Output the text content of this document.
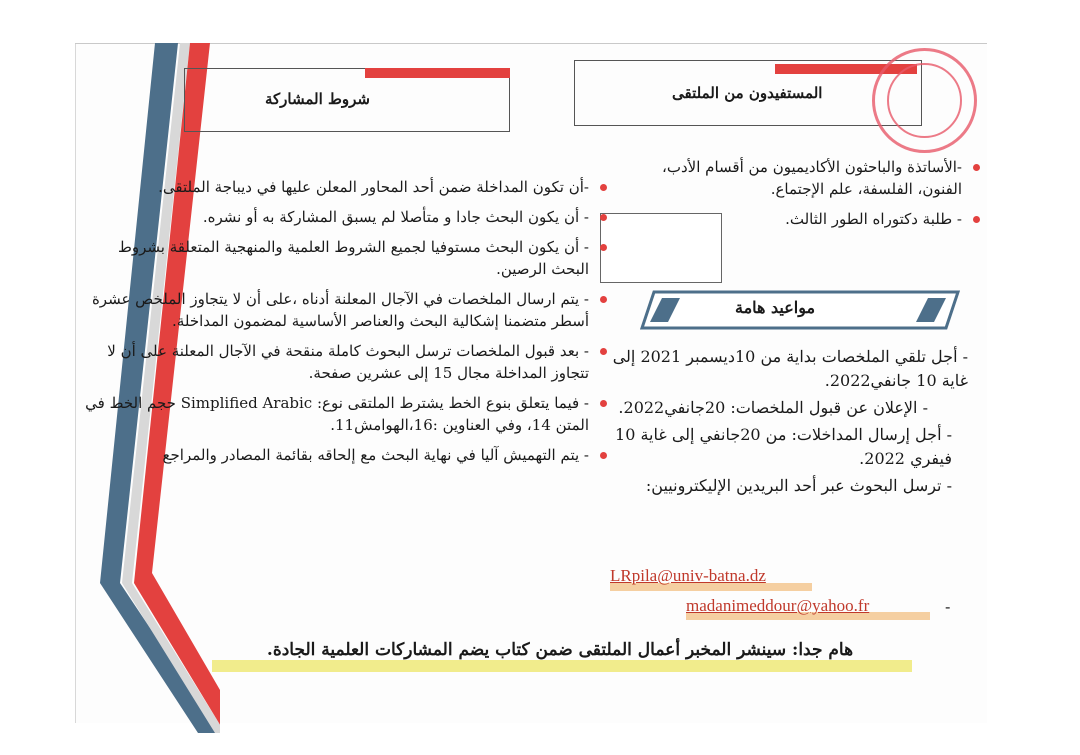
شروط المشاركة	المستفيدون من الملتقى

-الأساتذة والباحثون الأكاديميون من أقسام الأدب، الفنون، الفلسفة، علم الإجتماع.

- طلبة دكتوراه الطور الثالث.

مواعيد هامة

- أجل تلقي الملخصات بداية من 10ديسمبر 2021 إلى غاية 10 جانفي2022.

- الإعلان عن قبول الملخصات: 20جانفي2022.

- أجل إرسال المداخلات: من 20جانفي إلى غاية 10 فيفري 2022.

- ترسل البحوث عبر أحد البريدين الإليكترونيين:

LRpila@univ-batna.dz
madanimeddour@yahoo.fr	-

-أن تكون المداخلة ضمن أحد المحاور المعلن عليها في ديباجة الملتقى.

- أن يكون البحث جادا و متأصلا لم يسبق المشاركة به أو نشره.

- أن يكون البحث مستوفيا لجميع الشروط العلمية والمنهجية المتعلقة بشروط البحث الرصين.

- يتم ارسال الملخصات في الآجال المعلنة أدناه ،على أن لا يتجاوز الملخص عشرة أسطر متضمنا إشكالية البحث والعناصر الأساسية لمضمون المداخلة.

- بعد قبول الملخصات ترسل البحوث كاملة منقحة في الآجال المعلنة على أن لا تتجاوز المداخلة مجال 15 إلى عشرين صفحة.

- فيما يتعلق بنوع الخط يشترط الملتقى نوع: Simplified Arabic حجم الخط في المتن 14، وفي العناوين :16،الهوامش11.

- يتم التهميش آليا في نهاية البحث مع إلحاقه بقائمة المصادر والمراجع

هام جدا: سينشر المخبر أعمال الملتقى ضمن كتاب يضم المشاركات العلمية الجادة.
